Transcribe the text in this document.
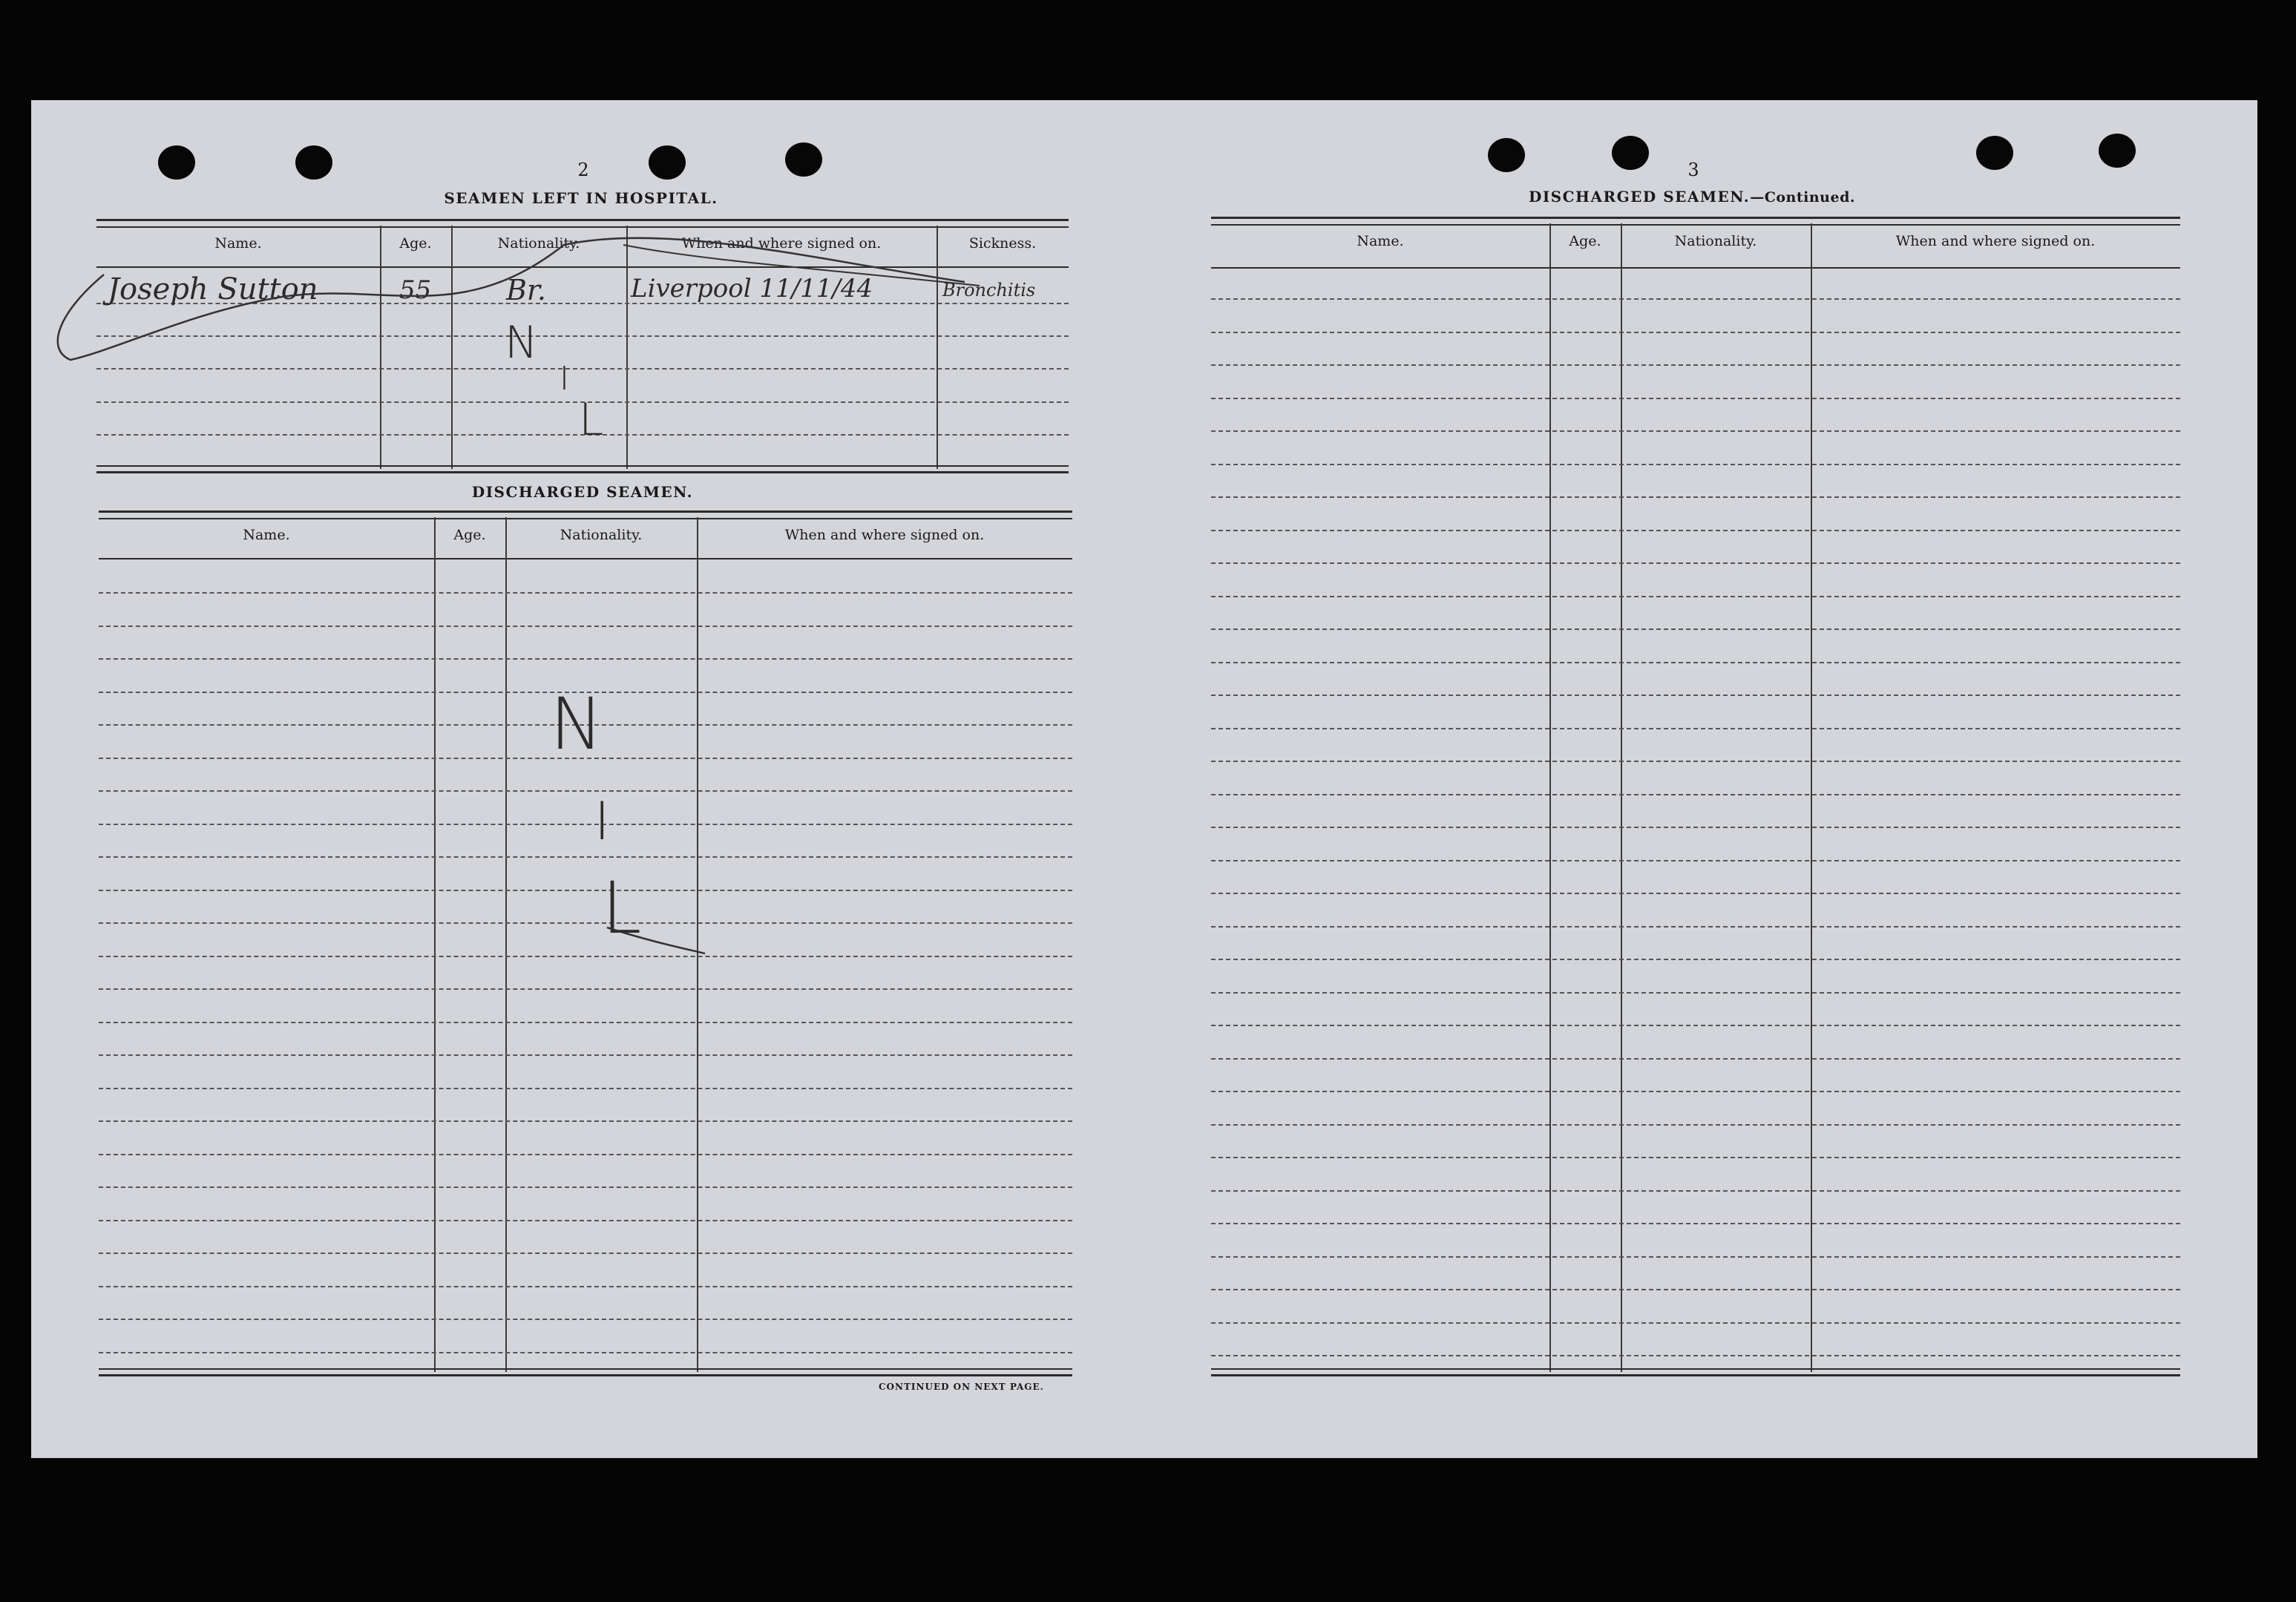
2
SEAMEN LEFT IN HOSPITAL.
Name.	Age.	Nationality.	When and where signed on.	Sickness.
Joseph Sutton	55	Br.	Liverpool 11/11/44	Bronchitis
N
I
L
DISCHARGED SEAMEN.
Name.	Age.	Nationality.	When and where signed on.
N
I
L
CONTINUED ON NEXT PAGE.
3
DISCHARGED SEAMEN.—Continued.
Name.	Age.	Nationality.	When and where signed on.
